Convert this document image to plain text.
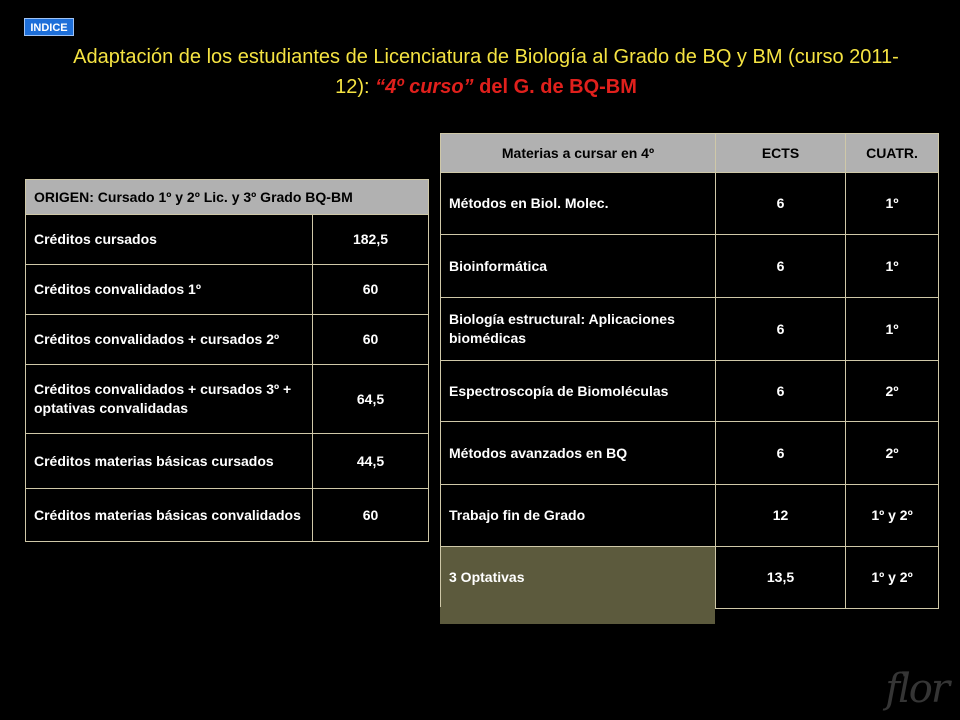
INDICE
Adaptación de los estudiantes de Licenciatura de Biología al Grado de BQ y BM (curso 2011-12): “4º curso” del G. de BQ-BM
ORIGEN: Cursado 1º y 2º Lic. y 3º Grado BQ-BM	
Créditos cursados	182,5
Créditos convalidados 1º	60
Créditos convalidados + cursados 2º	60
Créditos convalidados + cursados 3º + optativas convalidadas	64,5
Créditos materias básicas cursados	44,5
Créditos materias básicas convalidados	60
Materias a cursar en 4º	ECTS	CUATR.
Métodos en Biol. Molec.	6	1º
Bioinformática	6	1º
Biología estructural: Aplicaciones biomédicas	6	1º
Espectroscopía de Biomoléculas	6	2º
Métodos avanzados en BQ	6	2º
Trabajo fin de Grado	12	1º y 2º
3 Optativas	13,5	1º y 2º
flor
